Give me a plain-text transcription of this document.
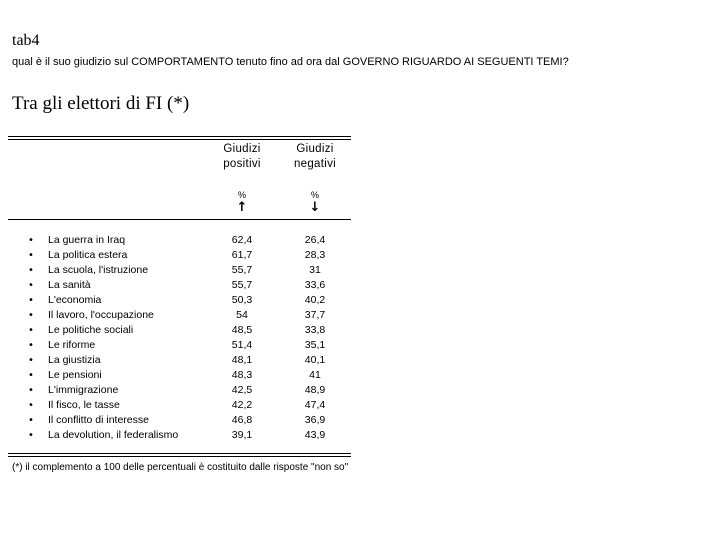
tab4
qual è il suo giudizio sul COMPORTAMENTO tenuto fino ad ora dal GOVERNO RIGUARDO AI SEGUENTI TEMI?
Tra gli elettori di FI (*)
Giudizi
positivi
Giudizi
negativi
%	%
↑	↓
• La guerra in Iraq	62,4	26,4
• La politica estera	61,7	28,3
• La scuola, l'istruzione	55,7	31
• La sanità	55,7	33,6
• L'economia	50,3	40,2
• Il lavoro, l'occupazione	54	37,7
• Le politiche sociali	48,5	33,8
• Le riforme	51,4	35,1
• La giustizia	48,1	40,1
• Le pensioni	48,3	41
• L'immigrazione	42,5	48,9
• Il fisco, le tasse	42,2	47,4
• Il conflitto di interesse	46,8	36,9
• La devolution, il federalismo	39,1	43,9
(*) il complemento a 100 delle percentuali è costituito dalle risposte "non so"
